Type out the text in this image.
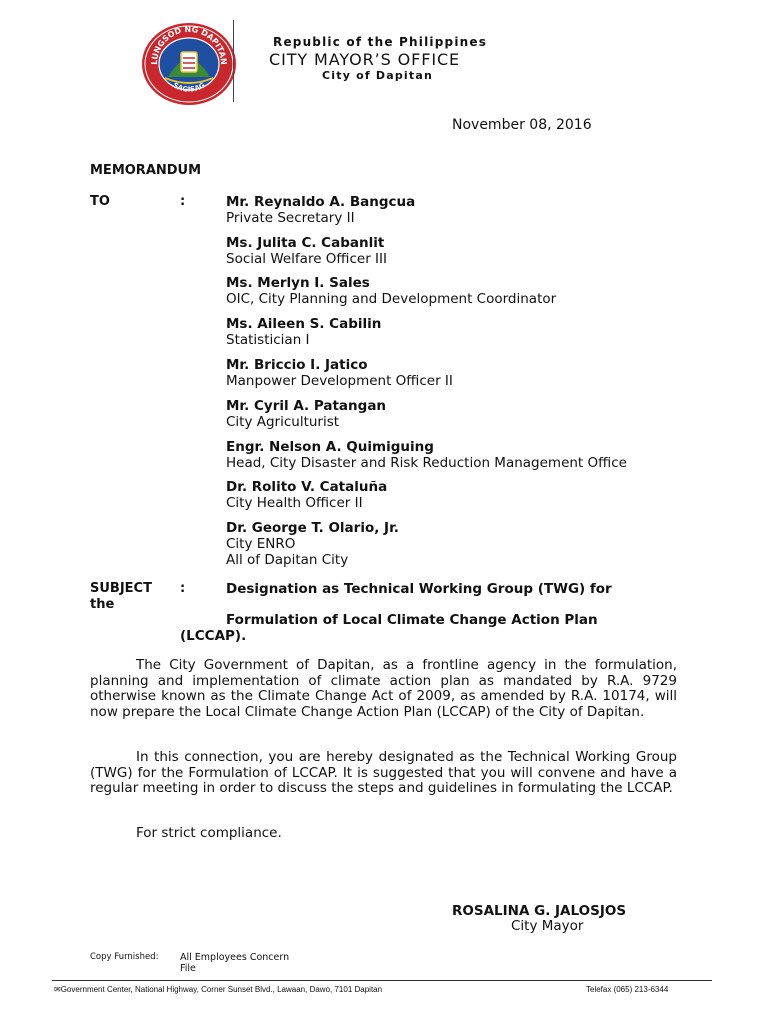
LUNGSOD NG DAPITAN
SAGISAG
Republic of the Philippines
CITY MAYOR’S OFFICE
City of Dapitan
November 08, 2016
MEMORANDUM
TO	:	Mr. Reynaldo A. Bangcua
Private Secretary II
Ms. Julita C. Cabanlit
Social Welfare Officer III
Ms. Merlyn I. Sales
OIC, City Planning and Development Coordinator
Ms. Aileen S. Cabilin
Statistician I
Mr. Briccio I. Jatico
Manpower Development Officer II
Mr. Cyril A. Patangan
City Agriculturist
Engr. Nelson A. Quimiguing
Head, City Disaster and Risk Reduction Management Office
Dr. Rolito V. Cataluña
City Health Officer II
Dr. George T. Olario, Jr.
City ENRO
All of Dapitan City
SUBJECT the
:	Designation as Technical Working Group (TWG) for
Formulation of Local Climate Change Action Plan
(LCCAP).

The City Government of Dapitan, as a frontline agency in the formulation, planning and implementation of climate action plan as mandated by R.A. 9729 otherwise known as the Climate Change Act of 2009, as amended by R.A. 10174, will now prepare the Local Climate Change Action Plan (LCCAP) of the City of Dapitan.

In this connection, you are hereby designated as the Technical Working Group (TWG) for the Formulation of LCCAP. It is suggested that you will convene and have a regular meeting in order to discuss the steps and guidelines in formulating the LCCAP.

For strict compliance.

ROSALINA G. JALOSJOS
City Mayor
Copy Furnished: All Employees Concern
File
✉Government Center, National Highway, Corner Sunset Blvd., Lawaan, Dawo, 7101 Dapitan	Telefax (065) 213-6344
